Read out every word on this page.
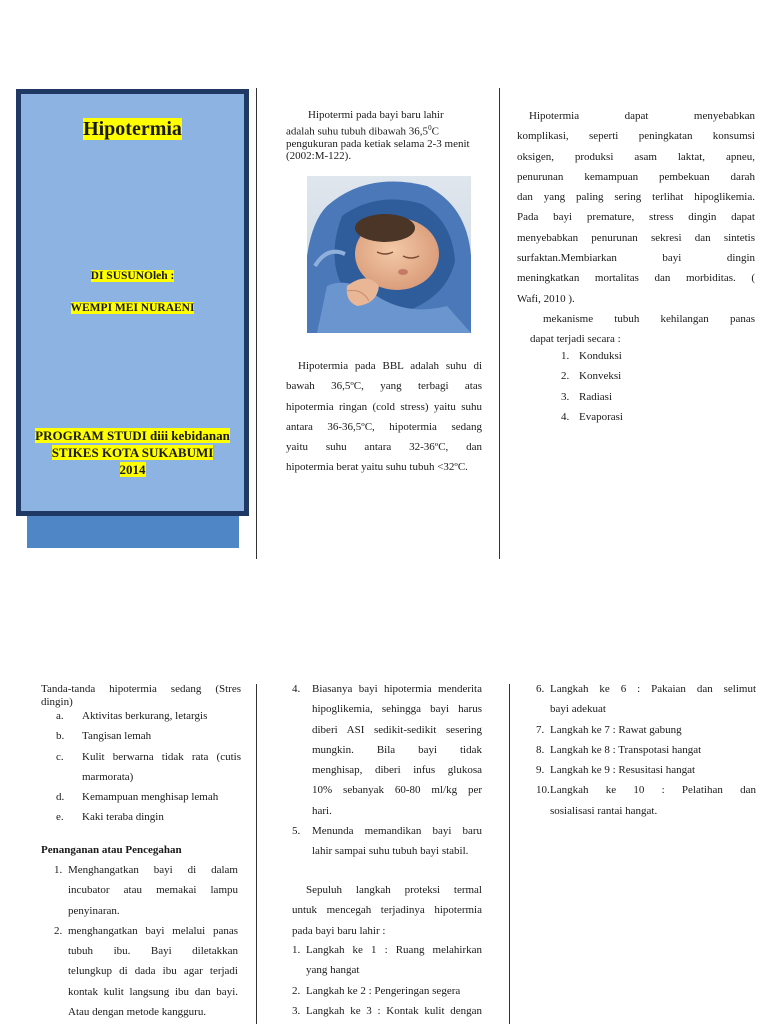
Hipotermia
DI SUSUNOleh :
WEMPI MEI NURAENI
PROGRAM STUDI diii kebidanan
STIKES KOTA SUKABUMI
2014
Hipotermi pada bayi baru lahir
adalah suhu tubuh dibawah 36,5$^0$C
pengukuran pada ketiak selama 2-3 menit
(2002:M-122).
Hipotermia pada BBL adalah suhu di
bawah 36,5ºC, yang terbagi atas
hipotermia ringan (cold stress) yaitu suhu
antara 36-36,5ºC, hipotermia sedang
yaitu suhu antara 32-36ºC, dan
hipotermia berat yaitu suhu tubuh <32ºC.
Hipotermia dapat menyebabkan
komplikasi, seperti peningkatan konsumsi
oksigen, produksi asam laktat, apneu,
penurunan kemampuan pembekuan darah
dan yang paling sering terlihat hipoglikemia.
Pada bayi premature, stress dingin dapat
menyebabkan penurunan sekresi dan sintetis
surfaktan.Membiarkan bayi dingin
meningkatkan mortalitas dan morbiditas. (
Wafi, 2010 ).
mekanisme tubuh kehilangan panas
dapat terjadi secara :
1. Konduksi
2. Konveksi
3. Radiasi
4. Evaporasi
Tanda-tanda hipotermia sedang (Stres
dingin)
a.	Aktivitas berkurang, letargis
b.	Tangisan lemah
c.	Kulit berwarna tidak rata (cutis
marmorata)
d.	Kemampuan menghisap lemah
e.	Kaki teraba dingin
Penanganan atau Pencegahan
1. Menghangatkan bayi di dalam
incubator atau memakai lampu
penyinaran.
2. menghangatkan bayi melalui panas
tubuh ibu. Bayi diletakkan
telungkup di dada ibu agar terjadi
kontak kulit langsung ibu dan bayi.
Atau dengan metode kangguru.
4.	Biasanya bayi hipotermia menderita
hipoglikemia, sehingga bayi harus
diberi ASI sedikit-sedikit sesering
mungkin. Bila bayi tidak
menghisap, diberi infus glukosa
10% sebanyak 60-80 ml/kg per
hari.
5.	Menunda memandikan bayi baru
lahir sampai suhu tubuh bayi stabil.
Sepuluh langkah proteksi termal
untuk mencegah terjadinya hipotermia
pada bayi baru lahir :
1. Langkah ke 1 : Ruang melahirkan
yang hangat
2. Langkah ke 2 : Pengeringan segera
3. Langkah ke 3 : Kontak kulit dengan
6. Langkah ke 6 : Pakaian dan selimut
bayi adekuat
7. Langkah ke 7 : Rawat gabung
8. Langkah ke 8 : Transpotasi hangat
9. Langkah ke 9 : Resusitasi hangat
10. Langkah ke 10 : Pelatihan dan
sosialisasi rantai hangat.
